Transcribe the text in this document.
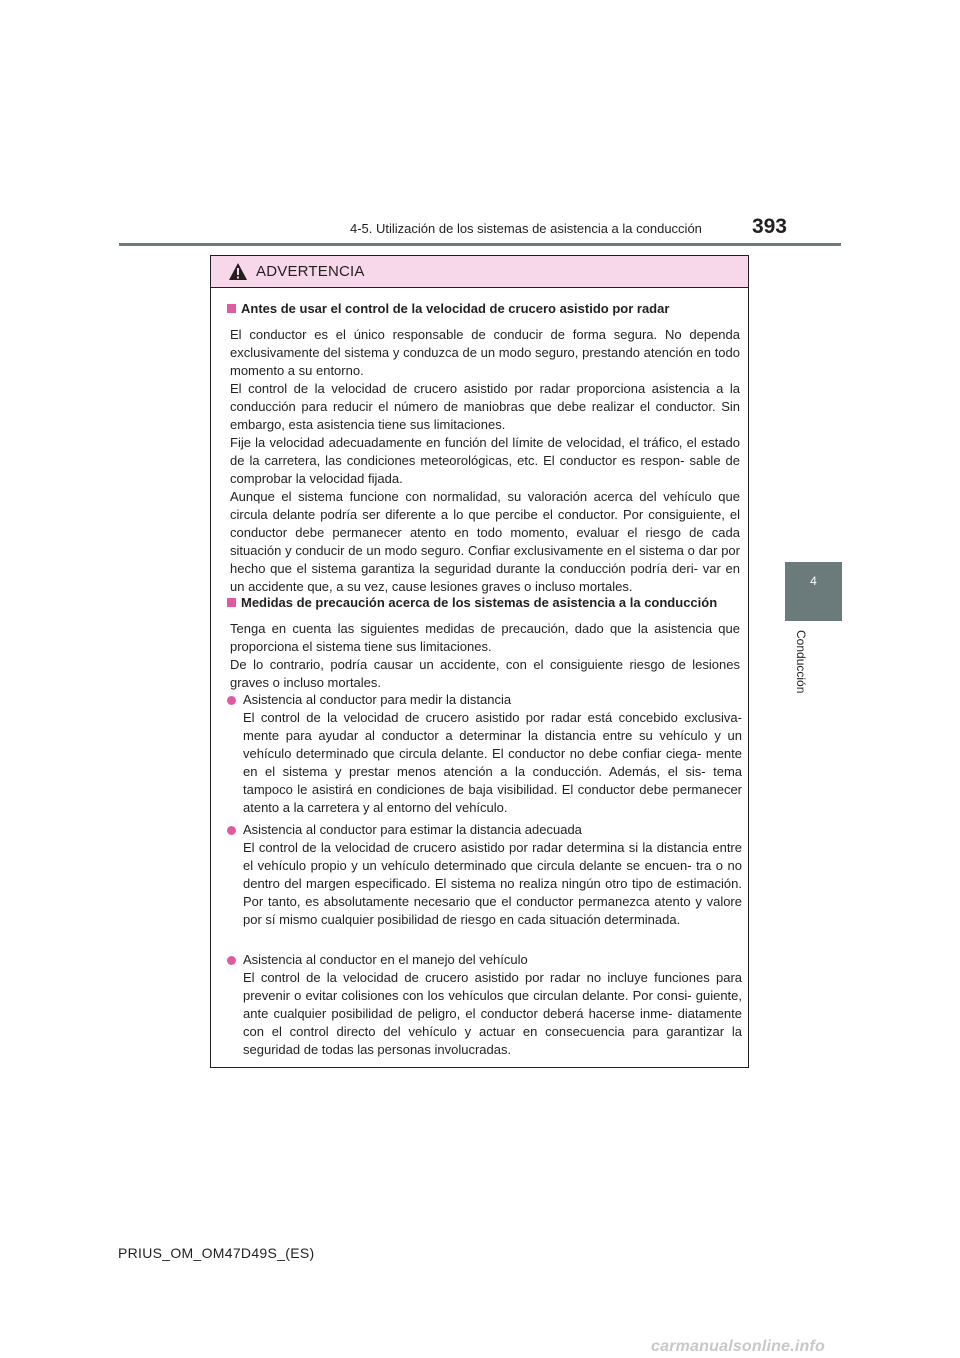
4-5. Utilización de los sistemas de asistencia a la conducción	393
4
Conducción
ADVERTENCIA
Antes de usar el control de la velocidad de crucero asistido por radar
El conductor es el único responsable de conducir de forma segura. No dependa exclusivamente del sistema y conduzca de un modo seguro, prestando atención en todo momento a su entorno.
El control de la velocidad de crucero asistido por radar proporciona asistencia a la conducción para reducir el número de maniobras que debe realizar el conductor. Sin embargo, esta asistencia tiene sus limitaciones.
Fije la velocidad adecuadamente en función del límite de velocidad, el tráfico, el estado de la carretera, las condiciones meteorológicas, etc. El conductor es respon- sable de comprobar la velocidad fijada.
Aunque el sistema funcione con normalidad, su valoración acerca del vehículo que circula delante podría ser diferente a lo que percibe el conductor. Por consiguiente, el conductor debe permanecer atento en todo momento, evaluar el riesgo de cada situación y conducir de un modo seguro. Confiar exclusivamente en el sistema o dar por hecho que el sistema garantiza la seguridad durante la conducción podría deri- var en un accidente que, a su vez, cause lesiones graves o incluso mortales.
Medidas de precaución acerca de los sistemas de asistencia a la conducción
Tenga en cuenta las siguientes medidas de precaución, dado que la asistencia que proporciona el sistema tiene sus limitaciones.
De lo contrario, podría causar un accidente, con el consiguiente riesgo de lesiones graves o incluso mortales.
Asistencia al conductor para medir la distancia
El control de la velocidad de crucero asistido por radar está concebido exclusiva- mente para ayudar al conductor a determinar la distancia entre su vehículo y un vehículo determinado que circula delante. El conductor no debe confiar ciega- mente en el sistema y prestar menos atención a la conducción. Además, el sis- tema tampoco le asistirá en condiciones de baja visibilidad. El conductor debe permanecer atento a la carretera y al entorno del vehículo.
Asistencia al conductor para estimar la distancia adecuada
El control de la velocidad de crucero asistido por radar determina si la distancia entre el vehículo propio y un vehículo determinado que circula delante se encuen- tra o no dentro del margen especificado. El sistema no realiza ningún otro tipo de estimación. Por tanto, es absolutamente necesario que el conductor permanezca atento y valore por sí mismo cualquier posibilidad de riesgo en cada situación determinada.
Asistencia al conductor en el manejo del vehículo
El control de la velocidad de crucero asistido por radar no incluye funciones para prevenir o evitar colisiones con los vehículos que circulan delante. Por consi- guiente, ante cualquier posibilidad de peligro, el conductor deberá hacerse inme- diatamente con el control directo del vehículo y actuar en consecuencia para garantizar la seguridad de todas las personas involucradas.
PRIUS_OM_OM47D49S_(ES)
carmanualsonline.info
